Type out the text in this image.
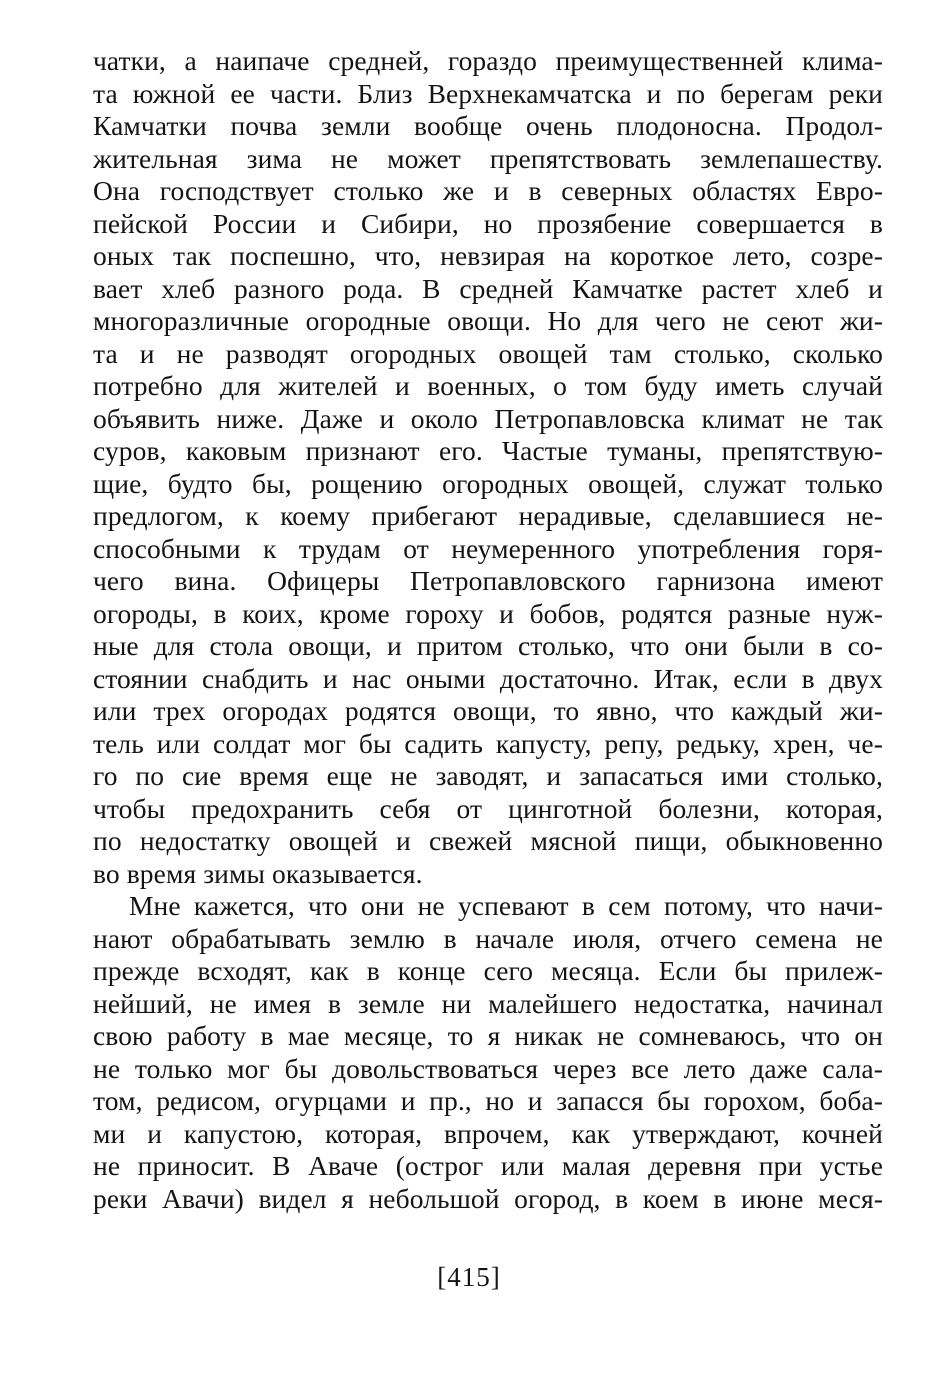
чатки, а наипаче средней, гораздо преимущественней клима-
та южной ее части. Близ Верхнекамчатска и по берегам реки
Камчатки почва земли вообще очень плодоносна. Продол-
жительная зима не может препятствовать землепашеству.
Она господствует столько же и в северных областях Евро-
пейской России и Сибири, но прозябение совершается в
оных так поспешно, что, невзирая на короткое лето, созре-
вает хлеб разного рода. В средней Камчатке растет хлеб и
многоразличные огородные овощи. Но для чего не сеют жи-
та и не разводят огородных овощей там столько, сколько
потребно для жителей и военных, о том буду иметь случай
объявить ниже. Даже и около Петропавловска климат не так
суров, каковым признают его. Частые туманы, препятствую-
щие, будто бы, рощению огородных овощей, служат только
предлогом, к коему прибегают нерадивые, сделавшиеся не-
способными к трудам от неумеренного употребления горя-
чего вина. Офицеры Петропавловского гарнизона имеют
огороды, в коих, кроме гороху и бобов, родятся разные нуж-
ные для стола овощи, и притом столько, что они были в со-
стоянии снабдить и нас оными достаточно. Итак, если в двух
или трех огородах родятся овощи, то явно, что каждый жи-
тель или солдат мог бы садить капусту, репу, редьку, хрен, че-
го по сие время еще не заводят, и запасаться ими столько,
чтобы предохранить себя от цинготной болезни, которая,
по недостатку овощей и свежей мясной пищи, обыкновенно
во время зимы оказывается.
Мне кажется, что они не успевают в сем потому, что начи-
нают обрабатывать землю в начале июля, отчего семена не
прежде всходят, как в конце сего месяца. Если бы прилеж-
нейший, не имея в земле ни малейшего недостатка, начинал
свою работу в мае месяце, то я никак не сомневаюсь, что он
не только мог бы довольствоваться через все лето даже сала-
том, редисом, огурцами и пр., но и запасся бы горохом, боба-
ми и капустою, которая, впрочем, как утверждают, кочней
не приносит. В Аваче (острог или малая деревня при устье
реки Авачи) видел я небольшой огород, в коем в июне меся-
[415]
